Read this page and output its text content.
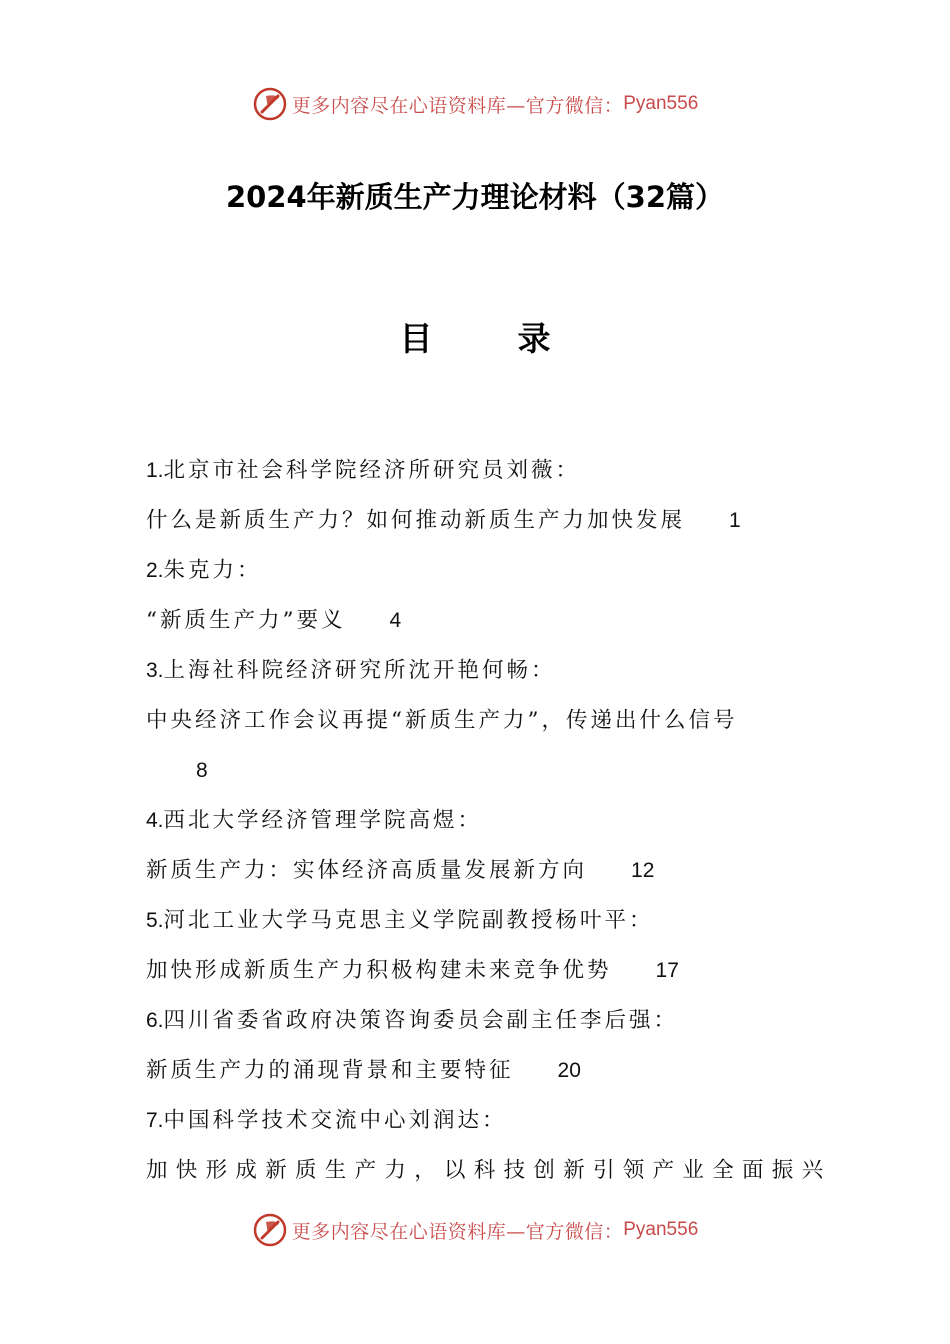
更多内容尽在心语资料库—官方微信： Pyan556
2024年新质生产力理论材料（32篇）
目　录
1.北京市社会科学院经济所研究员刘薇：
什么是新质生产力？如何推动新质生产力加快发展 1
2.朱克力：
“新质生产力”要义 4
3.上海社科院经济研究所沈开艳何畅：
中央经济工作会议再提“新质生产力”，传递出什么信号
8
4.西北大学经济管理学院高煜：
新质生产力：实体经济高质量发展新方向 12
5.河北工业大学马克思主义学院副教授杨叶平：
加快形成新质生产力积极构建未来竞争优势 17
6.四川省委省政府决策咨询委员会副主任李后强：
新质生产力的涌现背景和主要特征 20
7.中国科学技术交流中心刘润达：
加快形成新质生产力，以科技创新引领产业全面振兴
更多内容尽在心语资料库—官方微信： Pyan556
